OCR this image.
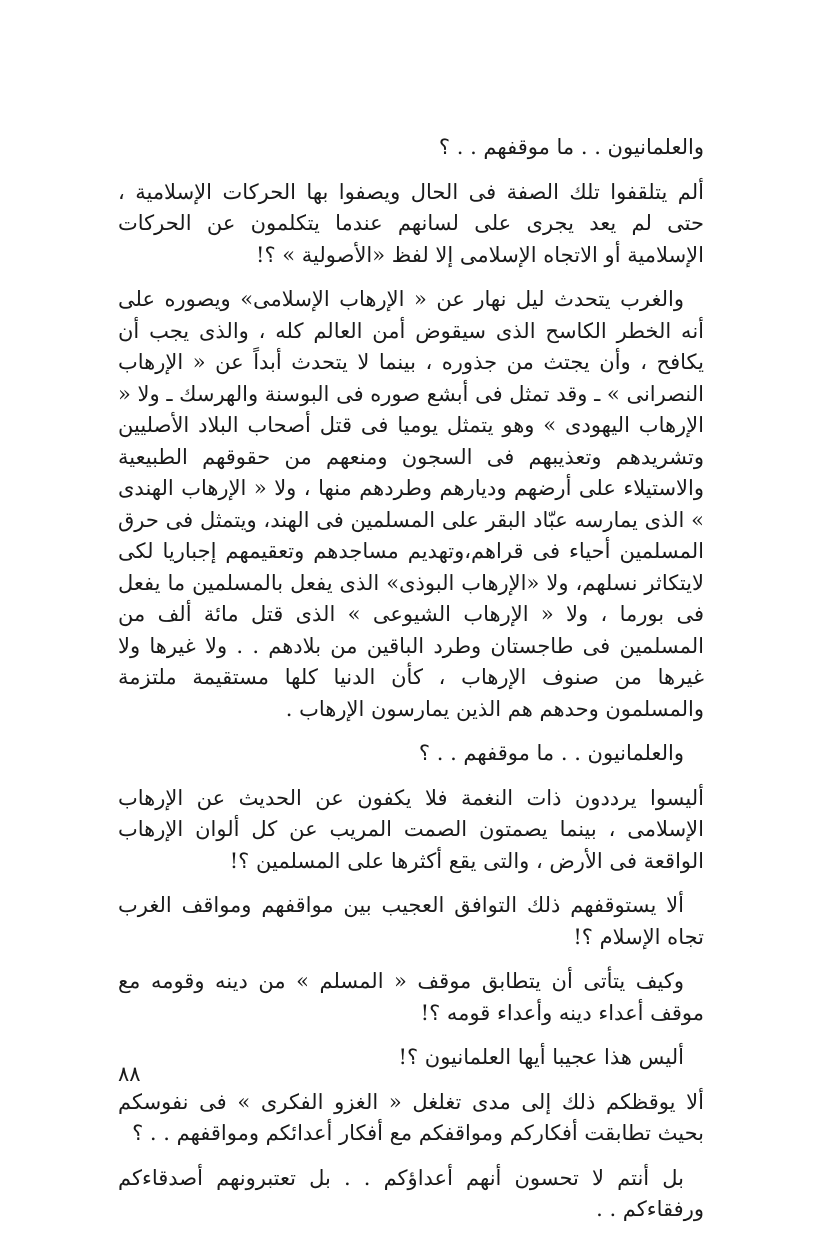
والعلمانيون . . ما موقفهم . . ؟

ألم يتلقفوا تلك الصفة فى الحال ويصفوا بها الحركات الإسلامية ، حتى لم يعد يجرى على لسانهم عندما يتكلمون عن الحركات الإسلامية أو الاتجاه الإسلامى إلا لفظ «الأصولية » ؟!

والغرب يتحدث ليل نهار عن « الإرهاب الإسلامى» ويصوره على أنه الخطر الكاسح الذى سيقوض أمن العالم كله ، والذى يجب أن يكافح ، وأن يجتث من جذوره ، بينما لا يتحدث أبداً عن « الإرهاب النصرانى » ـ وقد تمثل فى أبشع صوره فى البوسنة والهرسك ـ ولا « الإرهاب اليهودى » وهو يتمثل يوميا فى قتل أصحاب البلاد الأصليين وتشريدهم وتعذيبهم فى السجون ومنعهم من حقوقهم الطبيعية والاستيلاء على أرضهم وديارهم وطردهم منها ، ولا « الإرهاب الهندى » الذى يمارسه عبّاد البقر على المسلمين فى الهند، ويتمثل فى حرق المسلمين أحياء فى قراهم،وتهديم مساجدهم وتعقيمهم إجباريا لكى لايتكاثر نسلهم، ولا «الإرهاب البوذى» الذى يفعل بالمسلمين ما يفعل فى بورما ، ولا « الإرهاب الشيوعى » الذى قتل مائة ألف من المسلمين فى طاجستان وطرد الباقين من بلادهم . . ولا غيرها ولا غيرها من صنوف الإرهاب ، كأن الدنيا كلها مستقيمة ملتزمة والمسلمون وحدهم هم الذين يمارسون الإرهاب .

والعلمانيون . . ما موقفهم . . ؟

أليسوا يرددون ذات النغمة فلا يكفون عن الحديث عن الإرهاب الإسلامى ، بينما يصمتون الصمت المريب عن كل ألوان الإرهاب الواقعة فى الأرض ، والتى يقع أكثرها على المسلمين ؟!

ألا يستوقفهم ذلك التوافق العجيب بين مواقفهم ومواقف الغرب تجاه الإسلام ؟!

وكيف يتأتى أن يتطابق موقف « المسلم » من دينه وقومه مع موقف أعداء دينه وأعداء قومه ؟!

أليس هذا عجيبا أيها العلمانيون ؟!

ألا يوقظكم ذلك إلى مدى تغلغل « الغزو الفكرى » فى نفوسكم بحيث تطابقت أفكاركم ومواقفكم مع أفكار أعدائكم ومواقفهم . . ؟

بل أنتم لا تحسون أنهم أعداؤكم . . بل تعتبرونهم أصدقاءكم ورفقاءكم . .

٨٨
